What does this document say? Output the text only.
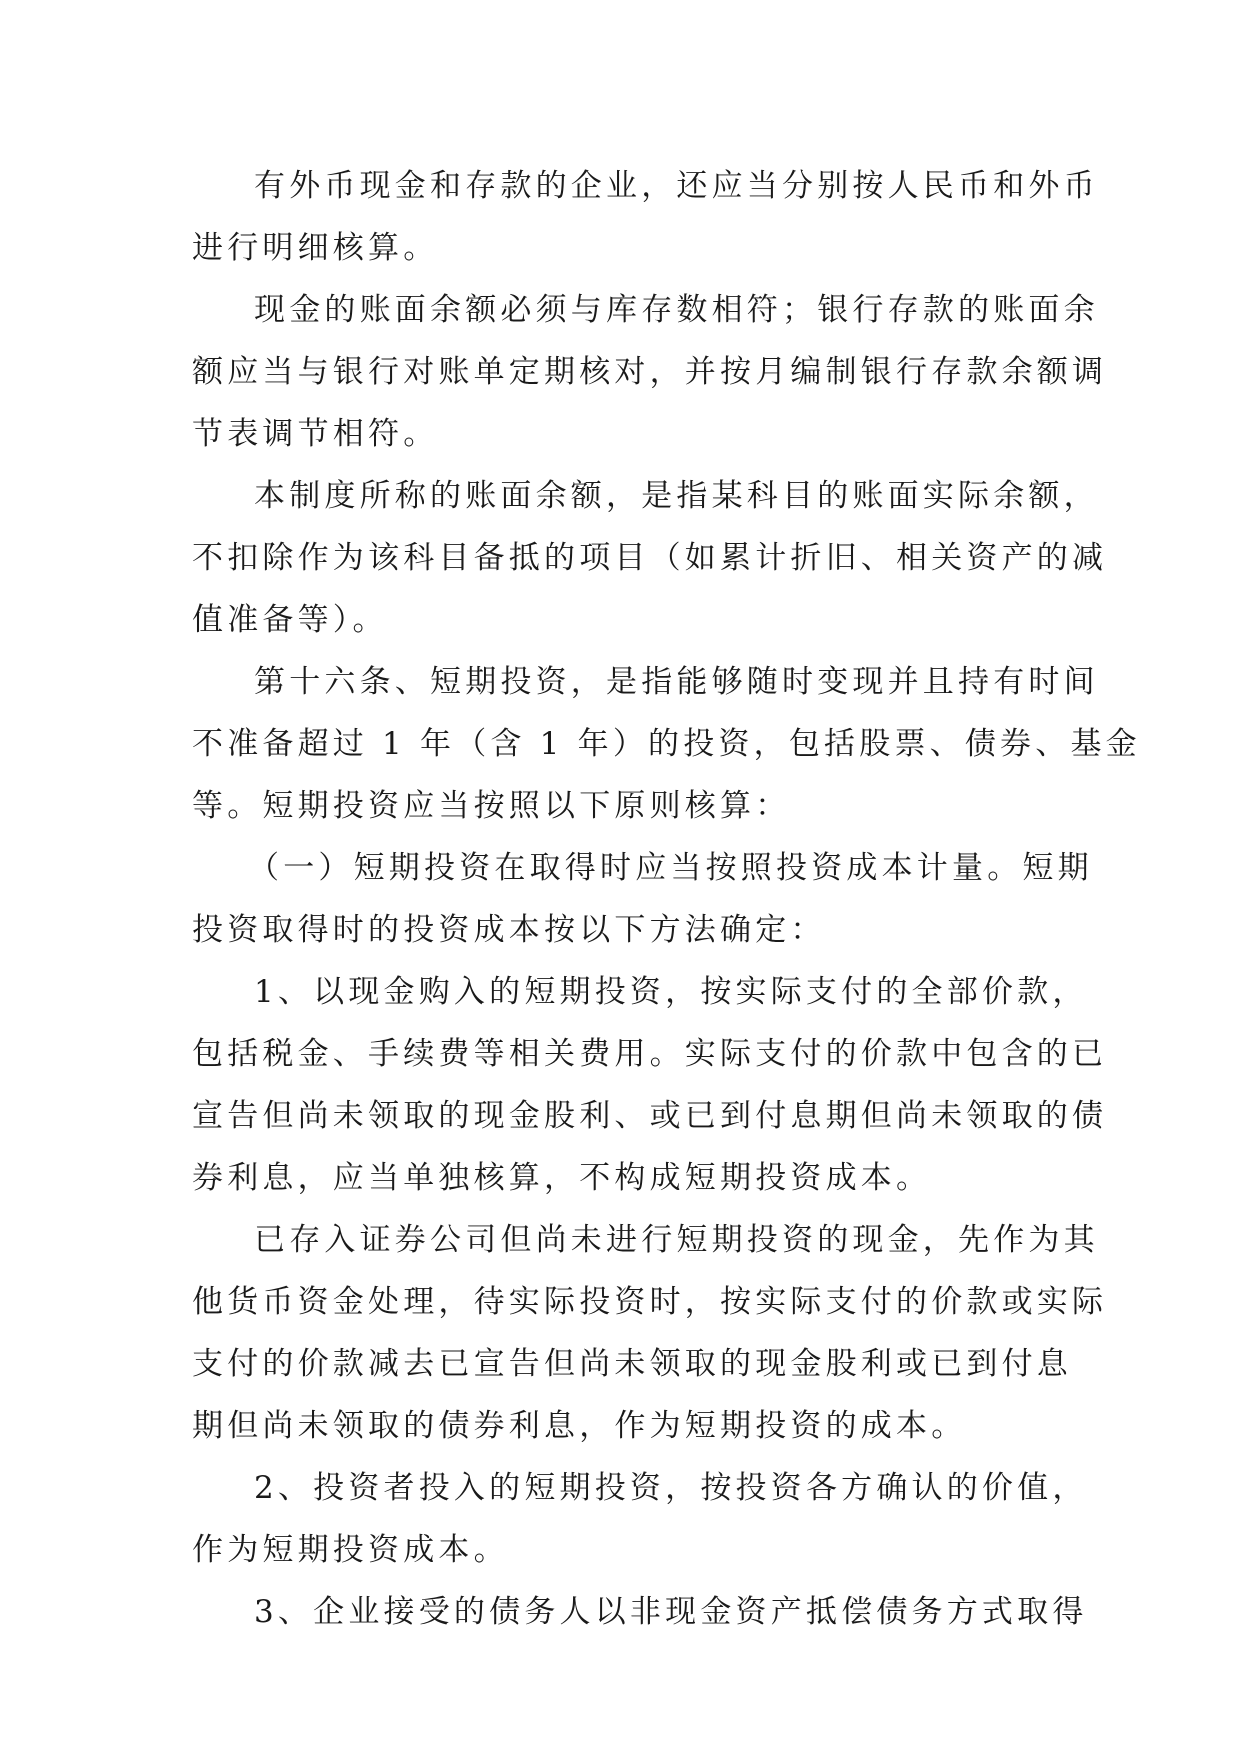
有外币现金和存款的企业，还应当分别按人民币和外币
进行明细核算。
现金的账面余额必须与库存数相符；银行存款的账面余
额应当与银行对账单定期核对，并按月编制银行存款余额调
节表调节相符。
本制度所称的账面余额，是指某科目的账面实际余额，
不扣除作为该科目备抵的项目（如累计折旧、相关资产的减
值准备等）。
第十六条、短期投资，是指能够随时变现并且持有时间
不准备超过 1 年（含 1 年）的投资，包括股票、债券、基金
等。短期投资应当按照以下原则核算：
（一）短期投资在取得时应当按照投资成本计量。短期
投资取得时的投资成本按以下方法确定：
1、以现金购入的短期投资，按实际支付的全部价款，
包括税金、手续费等相关费用。实际支付的价款中包含的已
宣告但尚未领取的现金股利、或已到付息期但尚未领取的债
券利息，应当单独核算，不构成短期投资成本。
已存入证券公司但尚未进行短期投资的现金，先作为其
他货币资金处理，待实际投资时，按实际支付的价款或实际
支付的价款减去已宣告但尚未领取的现金股利或已到付息
期但尚未领取的债券利息，作为短期投资的成本。
2、投资者投入的短期投资，按投资各方确认的价值，
作为短期投资成本。
3、企业接受的债务人以非现金资产抵偿债务方式取得
